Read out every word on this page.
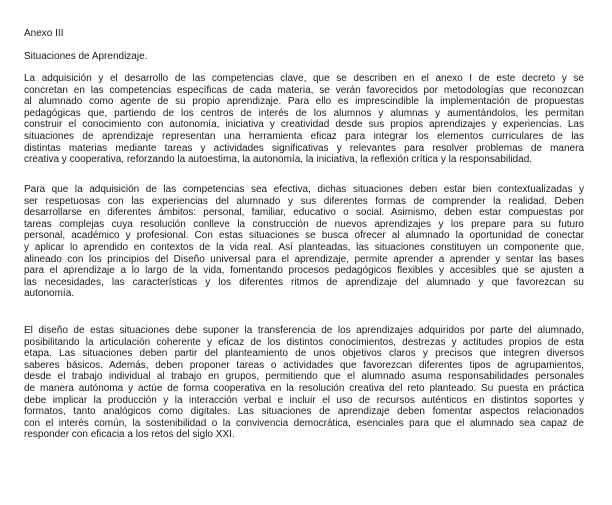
Anexo III
Situaciones de Aprendizaje.
La adquisición y el desarrollo de las competencias clave, que se describen en el anexo I de este decreto y se
concretan en las competencias específicas de cada materia, se verán favorecidos por metodologías que reconozcan
al alumnado como agente de su propio aprendizaje. Para ello es imprescindible la implementación de propuestas
pedagógicas que, partiendo de los centros de interés de los alumnos y alumnas y aumentándolos, les permitan
construir el conocimiento con autonomía, iniciativa y creatividad desde sus propios aprendizajes y experiencias. Las
situaciones de aprendizaje representan una herramienta eficaz para integrar los elementos curriculares de las
distintas materias mediante tareas y actividades significativas y relevantes para resolver problemas de manera
creativa y cooperativa, reforzando la autoestima, la autonomía, la iniciativa, la reflexión crítica y la responsabilidad.
Para que la adquisición de las competencias sea efectiva, dichas situaciones deben estar bien contextualizadas y
ser respetuosas con las experiencias del alumnado y sus diferentes formas de comprender la realidad. Deben
desarrollarse en diferentes ámbitos: personal, familiar, educativo o social. Asimismo, deben estar compuestas por
tareas complejas cuya resolución conlleve la construcción de nuevos aprendizajes y los prepare para su futuro
personal, académico y profesional. Con estas situaciones se busca ofrecer al alumnado la oportunidad de conectar
y aplicar lo aprendido en contextos de la vida real. Así planteadas, las situaciones constituyen un componente que,
alineado con los principios del Diseño universal para el aprendizaje, permite aprender a aprender y sentar las bases
para el aprendizaje a lo largo de la vida, fomentando procesos pedagógicos flexibles y accesibles que se ajusten a
las necesidades, las características y los diferentes ritmos de aprendizaje del alumnado y que favorezcan su
autonomía.
El diseño de estas situaciones debe suponer la transferencia de los aprendizajes adquiridos por parte del alumnado,
posibilitando la articulación coherente y eficaz de los distintos conocimientos, destrezas y actitudes propios de esta
etapa. Las situaciones deben partir del planteamiento de unos objetivos claros y precisos que integren diversos
saberes básicos. Además, deben proponer tareas o actividades que favorezcan diferentes tipos de agrupamientos,
desde el trabajo individual al trabajo en grupos, permitiendo que el alumnado asuma responsabilidades personales
de manera autónoma y actúe de forma cooperativa en la resolución creativa del reto planteado. Su puesta en práctica
debe implicar la producción y la interacción verbal e incluir el uso de recursos auténticos en distintos soportes y
formatos, tanto analógicos como digitales. Las situaciones de aprendizaje deben fomentar aspectos relacionados
con el interés común, la sostenibilidad o la convivencia democrática, esenciales para que el alumnado sea capaz de
responder con eficacia a los retos del siglo XXI.
